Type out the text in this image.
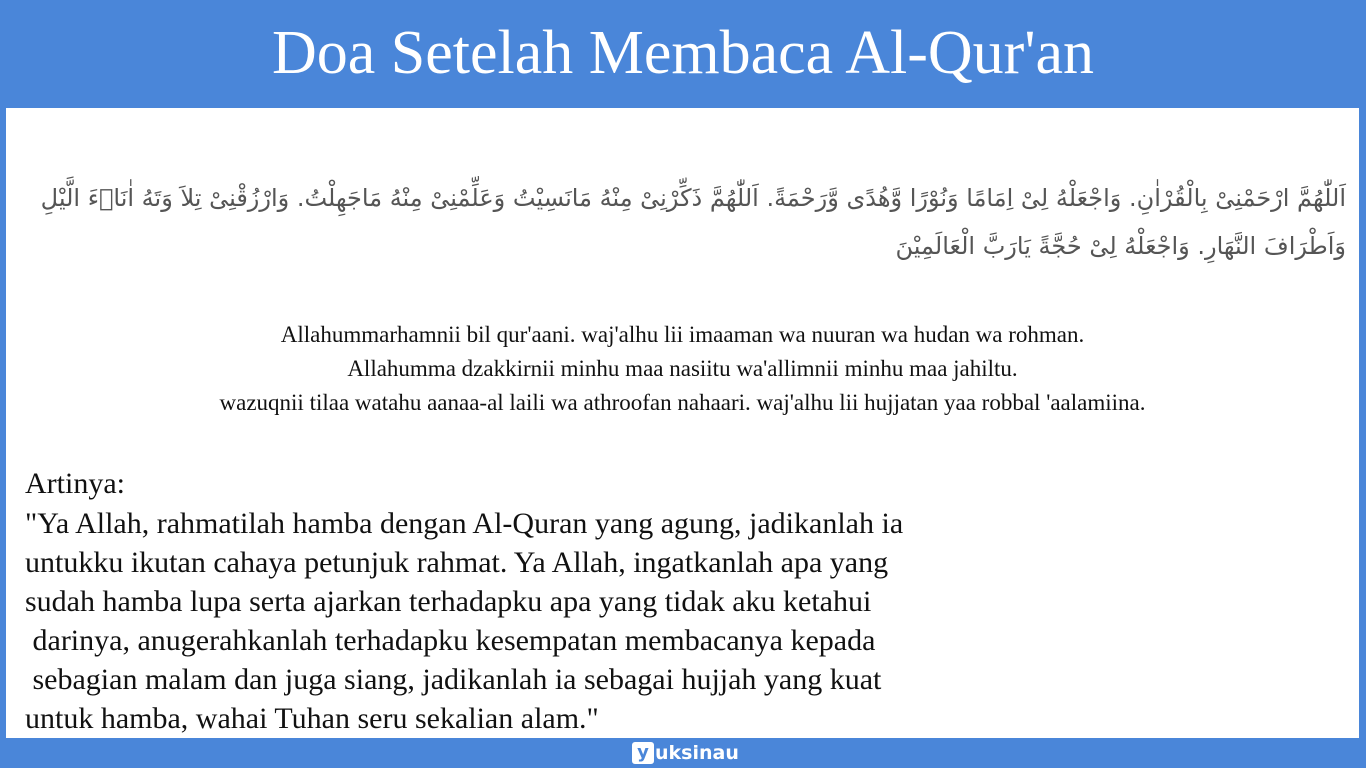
Doa Setelah Membaca Al-Qur'an
اَللّٰهُمَّ ارْحَمْنِىْ بِالْقُرْاٰنِ. وَاجْعَلْهُ لِىْ اِمَامًا وَنُوْرًا وَّهُدًى وَّرَحْمَةً. اَللّٰهُمَّ ذَكِّرْنِىْ مِنْهُ مَانَسِيْتُ وَعَلِّمْنِىْ مِنْهُ مَاجَهِلْتُ. وَارْزُقْنِىْ تِلاَ وَتَهُ اٰنَاۤءَ الَّيْلِ وَاَطْرَافَ النَّهَارِ. وَاجْعَلْهُ لِىْ حُجَّةً يَارَبَّ الْعَالَمِيْنَ
Allahummarhamnii bil qur'aani. waj'alhu lii imaaman wa nuuran wa hudan wa rohman.
Allahumma dzakkirnii minhu maa nasiitu wa'allimnii minhu maa jahiltu.
wazuqnii tilaa watahu aanaa-al laili wa athroofan nahaari. waj'alhu lii hujjatan yaa robbal 'aalamiina.
Artinya:
"Ya Allah, rahmatilah hamba dengan Al-Quran yang agung, jadikanlah ia
untukku ikutan cahaya petunjuk rahmat. Ya Allah, ingatkanlah apa yang
sudah hamba lupa serta ajarkan terhadapku apa yang tidak aku ketahui
darinya, anugerahkanlah terhadapku kesempatan membacanya kepada
sebagian malam dan juga siang, jadikanlah ia sebagai hujjah yang kuat
untuk hamba, wahai Tuhan seru sekalian alam."
y uksinau
